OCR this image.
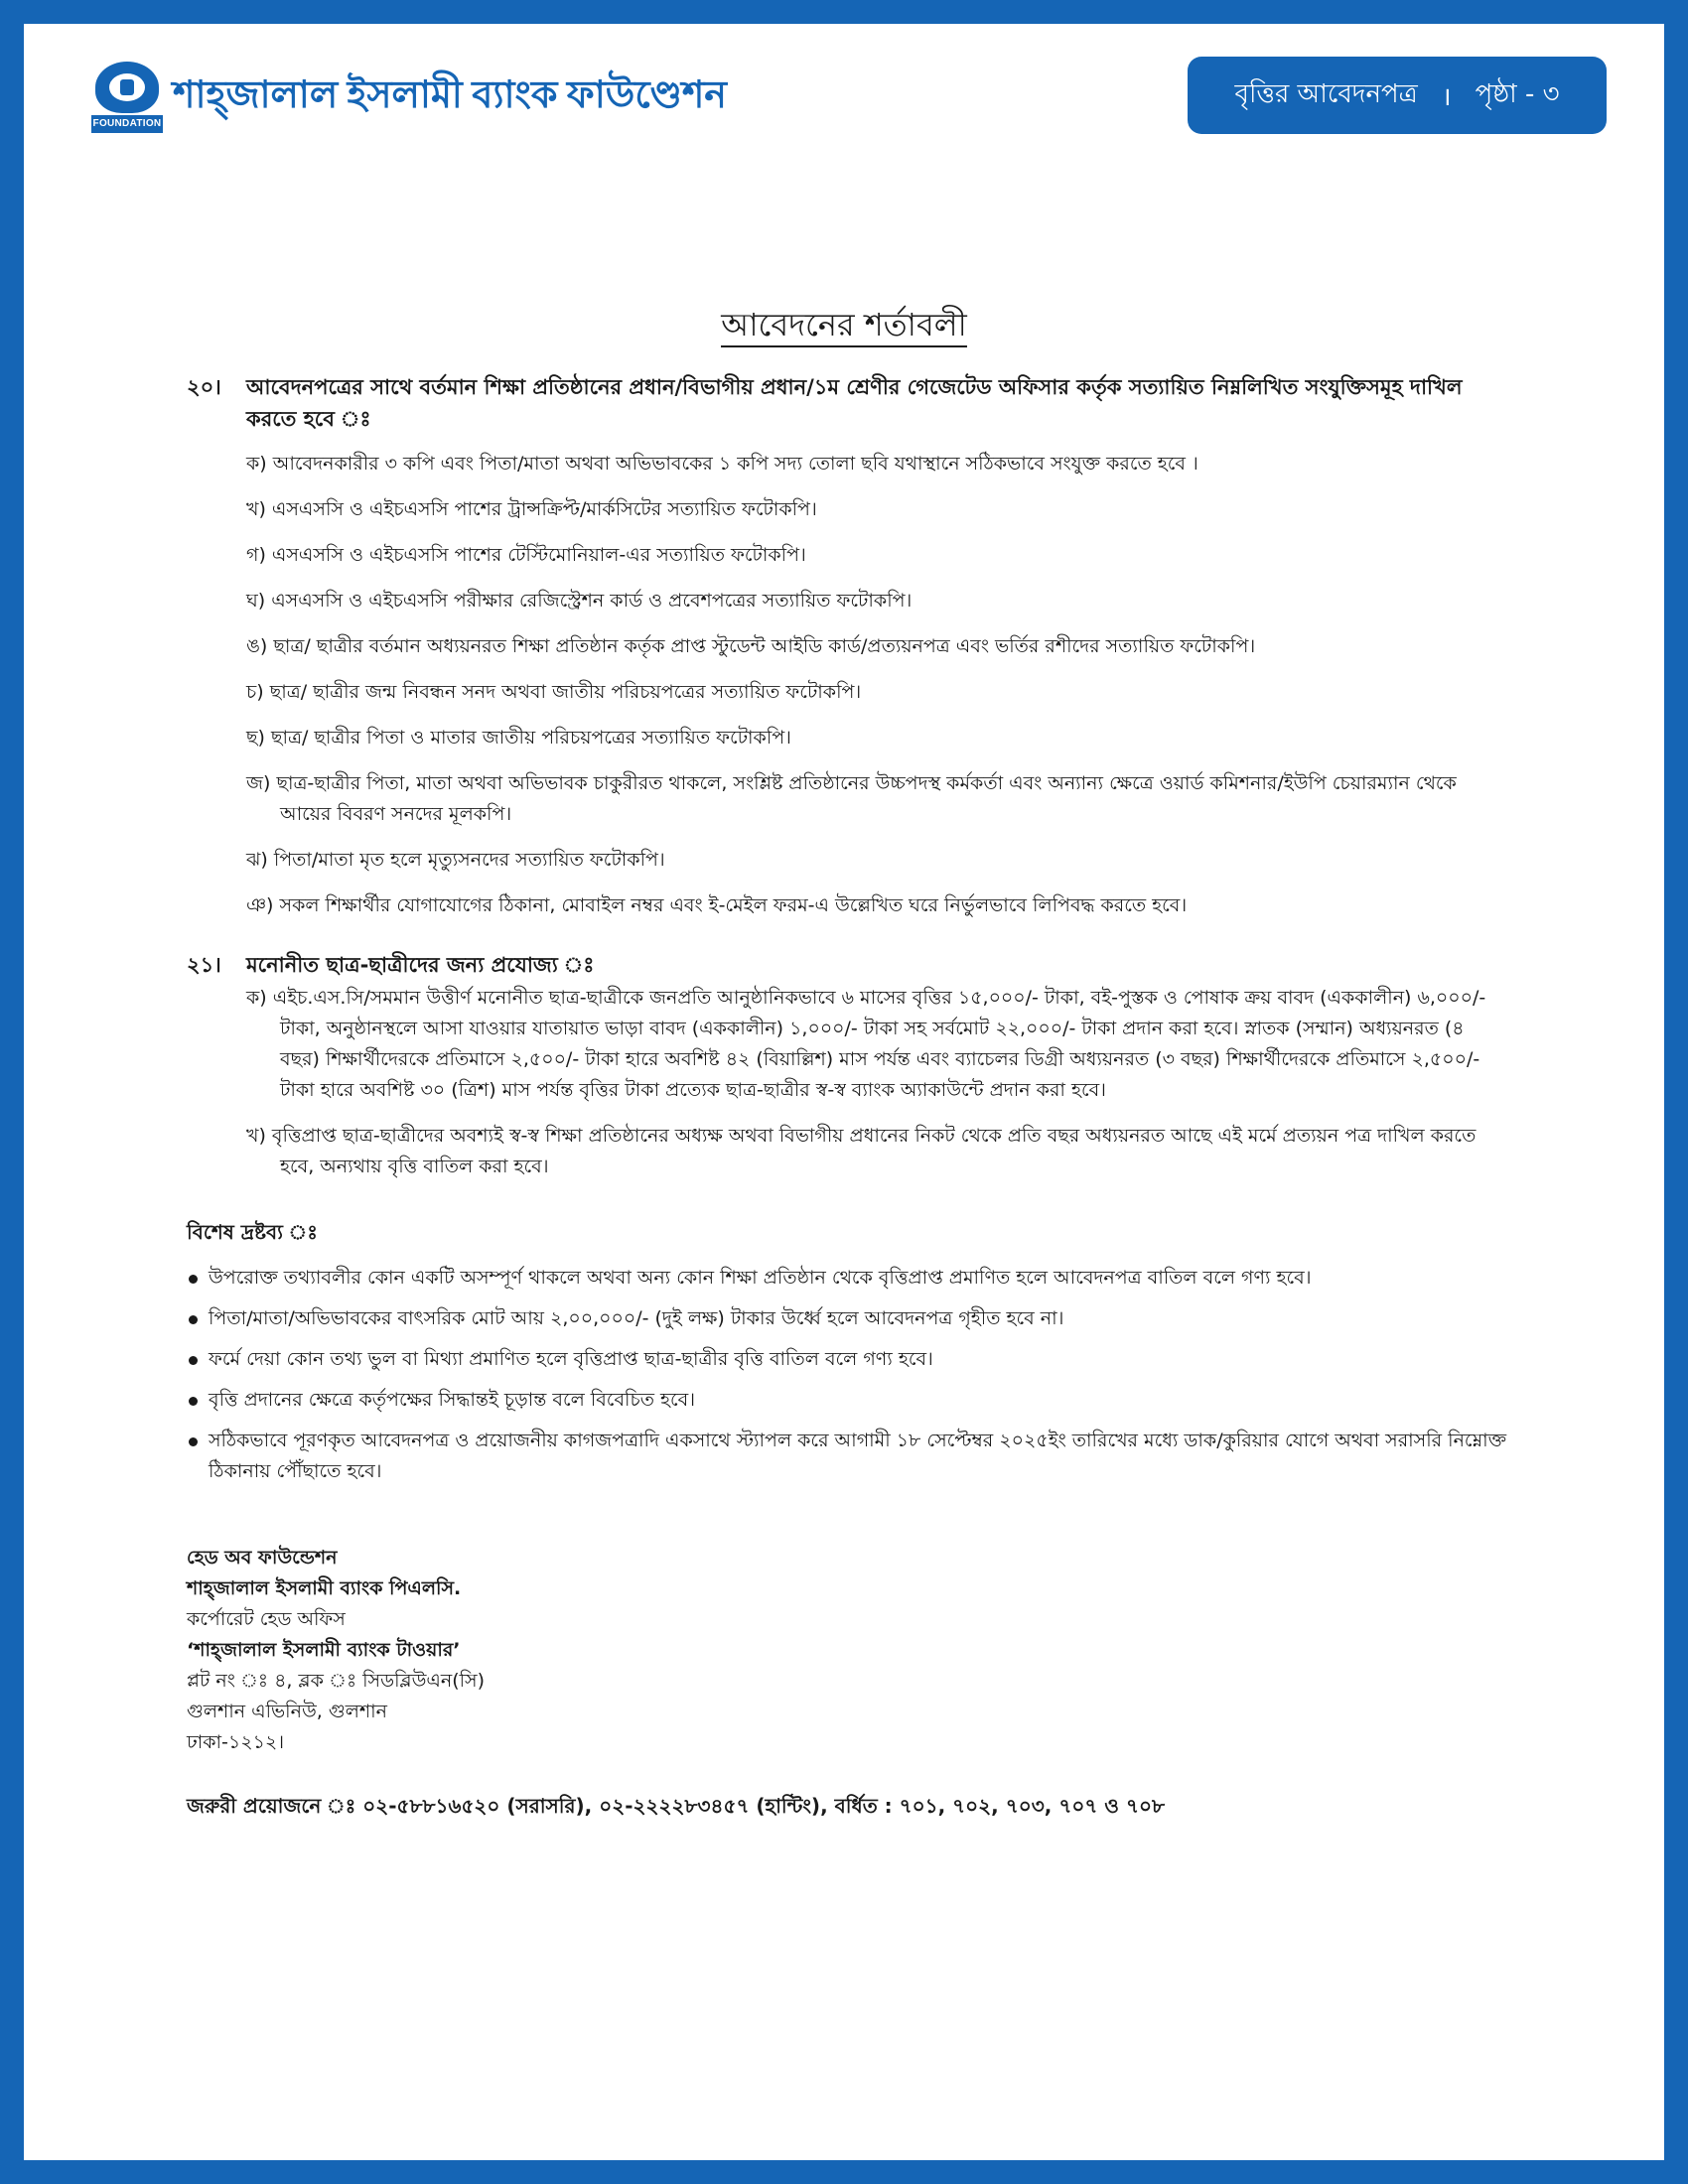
FOUNDATION
শাহ্জালাল ইসলামী ব্যাংক ফাউণ্ডেশন	বৃত্তির আবেদনপত্র । পৃষ্ঠা - ৩
আবেদনের শর্তাবলী
২০। আবেদনপত্রের সাথে বর্তমান শিক্ষা প্রতিষ্ঠানের প্রধান/বিভাগীয় প্রধান/১ম শ্রেণীর গেজেটেড অফিসার কর্তৃক সত্যায়িত নিম্নলিখিত সংযুক্তিসমূহ দাখিল করতে হবে ঃ
ক) আবেদনকারীর ৩ কপি এবং পিতা/মাতা অথবা অভিভাবকের ১ কপি সদ্য তোলা ছবি যথাস্থানে সঠিকভাবে সংযুক্ত করতে হবে ।
খ) এসএসসি ও এইচএসসি পাশের ট্রান্সক্রিপ্ট/মার্কসিটের সত্যায়িত ফটোকপি।
গ) এসএসসি ও এইচএসসি পাশের টেস্টিমোনিয়াল-এর সত্যায়িত ফটোকপি।
ঘ) এসএসসি ও এইচএসসি পরীক্ষার রেজিস্ট্রেশন কার্ড ও প্রবেশপত্রের সত্যায়িত ফটোকপি।
ঙ) ছাত্র/ ছাত্রীর বর্তমান অধ্যয়নরত শিক্ষা প্রতিষ্ঠান কর্তৃক প্রাপ্ত স্টুডেন্ট আইডি কার্ড/প্রত্যয়নপত্র এবং ভর্তির রশীদের সত্যায়িত ফটোকপি।
চ) ছাত্র/ ছাত্রীর জন্ম নিবন্ধন সনদ অথবা জাতীয় পরিচয়পত্রের সত্যায়িত ফটোকপি।
ছ) ছাত্র/ ছাত্রীর পিতা ও মাতার জাতীয় পরিচয়পত্রের সত্যায়িত ফটোকপি।
জ) ছাত্র-ছাত্রীর পিতা, মাতা অথবা অভিভাবক চাকুরীরত থাকলে, সংশ্লিষ্ট প্রতিষ্ঠানের উচ্চপদস্থ কর্মকর্তা এবং অন্যান্য ক্ষেত্রে ওয়ার্ড কমিশনার/ইউপি চেয়ারম্যান থেকে আয়ের বিবরণ সনদের মূলকপি।
ঝ) পিতা/মাতা মৃত হলে মৃত্যুসনদের সত্যায়িত ফটোকপি।
ঞ) সকল শিক্ষার্থীর যোগাযোগের ঠিকানা, মোবাইল নম্বর এবং ই-মেইল ফরম-এ উল্লেখিত ঘরে নির্ভুলভাবে লিপিবদ্ধ করতে হবে।
২১। মনোনীত ছাত্র-ছাত্রীদের জন্য প্রযোজ্য ঃ
ক) এইচ.এস.সি/সমমান উত্তীর্ণ মনোনীত ছাত্র-ছাত্রীকে জনপ্রতি আনুষ্ঠানিকভাবে ৬ মাসের বৃত্তির ১৫,০০০/- টাকা, বই-পুস্তক ও পোষাক ক্রয় বাবদ (এককালীন) ৬,০০০/- টাকা, অনুষ্ঠানস্থলে আসা যাওয়ার যাতায়াত ভাড়া বাবদ (এককালীন) ১,০০০/- টাকা সহ সর্বমোট ২২,০০০/- টাকা প্রদান করা হবে। স্নাতক (সম্মান) অধ্যয়নরত (৪ বছর) শিক্ষার্থীদেরকে প্রতিমাসে ২,৫০০/- টাকা হারে অবশিষ্ট ৪২ (বিয়াল্লিশ) মাস পর্যন্ত এবং ব্যাচেলর ডিগ্রী অধ্যয়নরত (৩ বছর) শিক্ষার্থীদেরকে প্রতিমাসে ২,৫০০/- টাকা হারে অবশিষ্ট ৩০ (ত্রিশ) মাস পর্যন্ত বৃত্তির টাকা প্রত্যেক ছাত্র-ছাত্রীর স্ব-স্ব ব্যাংক অ্যাকাউন্টে প্রদান করা হবে।
খ) বৃত্তিপ্রাপ্ত ছাত্র-ছাত্রীদের অবশ্যই স্ব-স্ব শিক্ষা প্রতিষ্ঠানের অধ্যক্ষ অথবা বিভাগীয় প্রধানের নিকট থেকে প্রতি বছর অধ্যয়নরত আছে এই মর্মে প্রত্যয়ন পত্র দাখিল করতে হবে, অন্যথায় বৃত্তি বাতিল করা হবে।
বিশেষ দ্রষ্টব্য ঃ
উপরোক্ত তথ্যাবলীর কোন একটি অসম্পূর্ণ থাকলে অথবা অন্য কোন শিক্ষা প্রতিষ্ঠান থেকে বৃত্তিপ্রাপ্ত প্রমাণিত হলে আবেদনপত্র বাতিল বলে গণ্য হবে।
পিতা/মাতা/অভিভাবকের বাৎসরিক মোট আয় ২,০০,০০০/- (দুই লক্ষ) টাকার উর্ধ্বে হলে আবেদনপত্র গৃহীত হবে না।
ফর্মে দেয়া কোন তথ্য ভুল বা মিথ্যা প্রমাণিত হলে বৃত্তিপ্রাপ্ত ছাত্র-ছাত্রীর বৃত্তি বাতিল বলে গণ্য হবে।
বৃত্তি প্রদানের ক্ষেত্রে কর্তৃপক্ষের সিদ্ধান্তই চূড়ান্ত বলে বিবেচিত হবে।
সঠিকভাবে পূরণকৃত আবেদনপত্র ও প্রয়োজনীয় কাগজপত্রাদি একসাথে স্ট্যাপল করে আগামী ১৮ সেপ্টেম্বর ২০২৫ইং তারিখের মধ্যে ডাক/কুরিয়ার যোগে অথবা সরাসরি নিম্নোক্ত ঠিকানায় পৌঁছাতে হবে।
হেড অব ফাউন্ডেশন
শাহ্জালাল ইসলামী ব্যাংক পিএলসি.
কর্পোরেট হেড অফিস
‘শাহ্জালাল ইসলামী ব্যাংক টাওয়ার’
প্লট নং ঃ ৪, ব্লক ঃ সিডব্লিউএন(সি)
গুলশান এভিনিউ, গুলশান
ঢাকা-১২১২।
জরুরী প্রয়োজনে ঃ ০২-৫৮৮১৬৫২০ (সরাসরি), ০২-২২২২৮৩৪৫৭ (হান্টিং), বর্ধিত : ৭০১, ৭০২, ৭০৩, ৭০৭ ও ৭০৮
